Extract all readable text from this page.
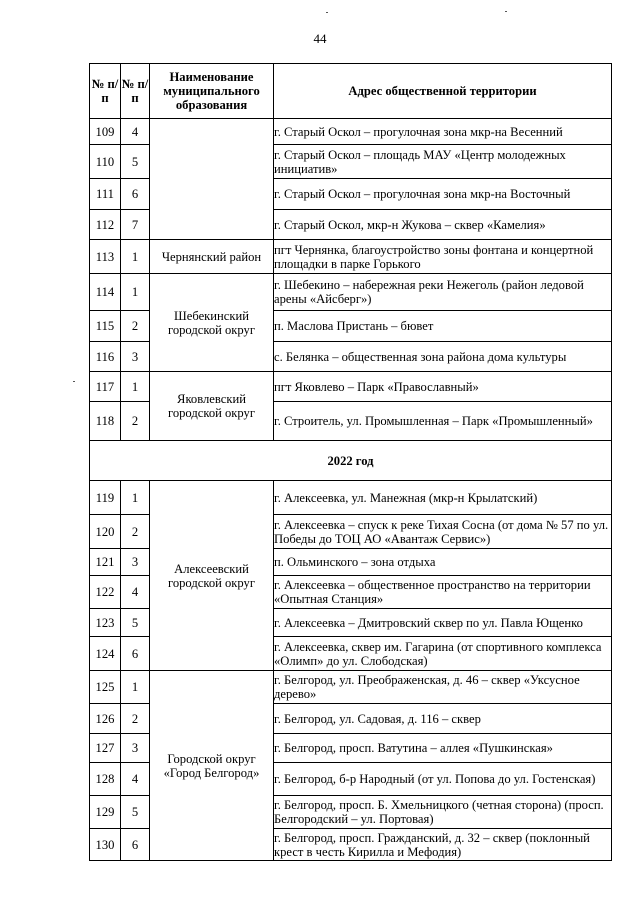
44
№ п/п	№ п/п	Наименование муниципального образования	Адрес общественной территории
109	4		г. Старый Оскол – прогулочная зона мкр-на Весенний
110	5		г. Старый Оскол – площадь МАУ «Центр молодежных инициатив»
111	6		г. Старый Оскол – прогулочная зона мкр-на Восточный
112	7		г. Старый Оскол, мкр-н Жукова – сквер «Камелия»
113	1	Чернянский район	пгт Чернянка, благоустройство зоны фонтана и концертной площадки в парке Горького
114	1	Шебекинский городской округ	г. Шебекино – набережная реки Нежеголь (район ледовой арены «Айсберг»)
115	2		п. Маслова Пристань – бювет
116	3		с. Белянка – общественная зона района дома культуры
117	1	Яковлевский городской округ	пгт Яковлево – Парк «Православный»
118	2		г. Строитель, ул. Промышленная – Парк «Промышленный»
2022 год			
119	1	Алексеевский городской округ	г. Алексеевка, ул. Манежная (мкр-н Крылатский)
120	2		г. Алексеевка – спуск к реке Тихая Сосна (от дома № 57 по ул. Победы до ТОЦ АО «Авантаж Сервис»)
121	3		п. Ольминского – зона отдыха
122	4		г. Алексеевка – общественное пространство на территории «Опытная Станция»
123	5		г. Алексеевка – Дмитровский сквер по ул. Павла Ющенко
124	6		г. Алексеевка, сквер им. Гагарина (от спортивного комплекса «Олимп» до ул. Слободская)
125	1	Городской округ «Город Белгород»	г. Белгород, ул. Преображенская, д. 46 – сквер «Уксусное дерево»
126	2		г. Белгород, ул. Садовая, д. 116 – сквер
127	3		г. Белгород, просп. Ватутина – аллея «Пушкинская»
128	4		г. Белгород, б-р Народный (от ул. Попова до ул. Гостенская)
129	5		г. Белгород, просп. Б. Хмельницкого (четная сторона) (просп. Белгородский – ул. Портовая)
130	6		г. Белгород, просп. Гражданский, д. 32 – сквер (поклонный крест в честь Кирилла и Мефодия)
